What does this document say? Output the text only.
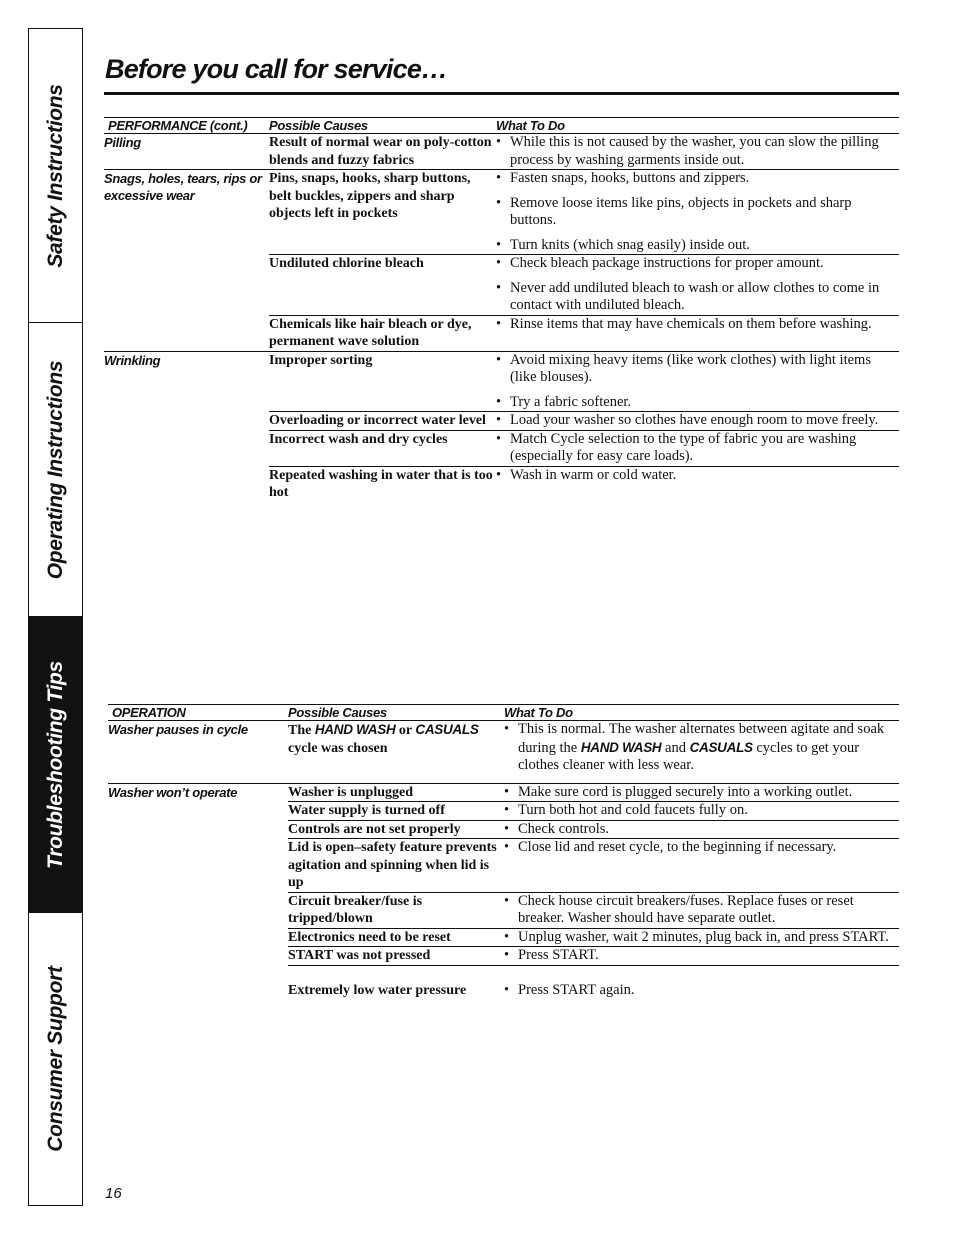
Safety Instructions
Operating Instructions
Troubleshooting Tips
Consumer Support
Before you call for service…
PERFORMANCE (cont.)	Possible Causes	What To Do
Pilling	Result of normal wear on poly-cotton blends and fuzzy fabrics	• While this is not caused by the washer, you can slow the pilling process by washing garments inside out.

Snags, holes, tears, rips or excessive wear	Pins, snaps, hooks, sharp buttons, belt buckles, zippers and sharp objects left in pockets	• Fasten snaps, hooks, buttons and zippers.
• Remove loose items like pins, objects in pockets and sharp buttons.
• Turn knits (which snag easily) inside out.

	Undiluted chlorine bleach	• Check bleach package instructions for proper amount.
• Never add undiluted bleach to wash or allow clothes to come in contact with undiluted bleach.

	Chemicals like hair bleach or dye, permanent wave solution	• Rinse items that may have chemicals on them before washing.

Wrinkling	Improper sorting	• Avoid mixing heavy items (like work clothes) with light items (like blouses).
• Try a fabric softener.

	Overloading or incorrect water level	• Load your washer so clothes have enough room to move freely.

	Incorrect wash and dry cycles	• Match Cycle selection to the type of fabric you are washing (especially for easy care loads).

	Repeated washing in water that is too hot	• Wash in warm or cold water.
OPERATION	Possible Causes	What To Do
Washer pauses in cycle	The HAND WASH or CASUALS cycle was chosen	• This is normal. The washer alternates between agitate and soak during the HAND WASH and CASUALS cycles to get your clothes cleaner with less wear.

Washer won’t operate	Washer is unplugged	• Make sure cord is plugged securely into a working outlet.

	Water supply is turned off	• Turn both hot and cold faucets fully on.

	Controls are not set properly	• Check controls.

	Lid is open–safety feature prevents agitation and spinning when lid is up	• Close lid and reset cycle, to the beginning if necessary.

	Circuit breaker/fuse is tripped/blown	• Check house circuit breakers/fuses. Replace fuses or reset breaker. Washer should have separate outlet.

	Electronics need to be reset	• Unplug washer, wait 2 minutes, plug back in, and press START.

	START was not pressed	• Press START.

	Extremely low water pressure	• Press START again.
16
